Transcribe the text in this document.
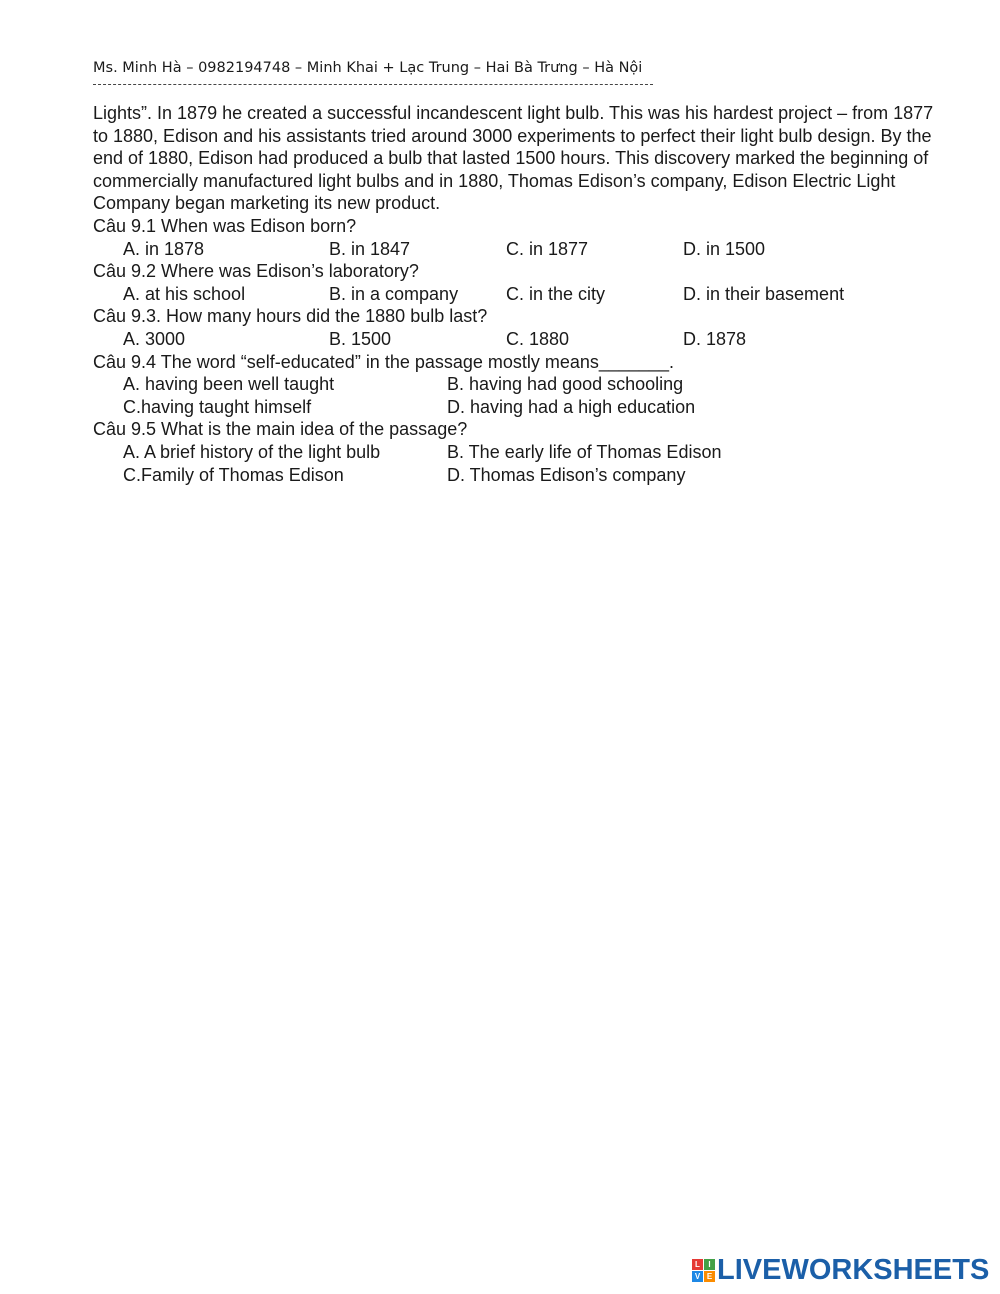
Ms. Minh Hà – 0982194748 – Minh Khai + Lạc Trung – Hai Bà Trưng – Hà Nội

Lights”. In 1879 he created a successful incandescent light bulb. This was his hardest project – from 1877 to 1880, Edison and his assistants tried around 3000 experiments to perfect their light bulb design. By the end of 1880, Edison had produced a bulb that lasted 1500 hours. This discovery marked the beginning of commercially manufactured light bulbs and in 1880, Thomas Edison’s company, Edison Electric Light Company began marketing its new product.

Câu 9.1 When was Edison born?

A. in 1878	B. in 1847	C. in 1877	D. in 1500

Câu 9.2 Where was Edison’s laboratory?

A. at his school	B. in a company	C. in the city	D. in their basement

Câu 9.3. How many hours did the 1880 bulb last?

A. 3000	B. 1500	C. 1880	D. 1878

Câu 9.4 The word “self-educated” in the passage mostly means_______.

A. having been well taught	B. having had good schooling
C.having taught himself	D. having had a high education

Câu 9.5 What is the main idea of the passage?

A. A brief history of the light bulb	B. The early life of Thomas Edison
C.Family of Thomas Edison	D. Thomas Edison’s company
L	I
V E LIVEWORKSHEETS
